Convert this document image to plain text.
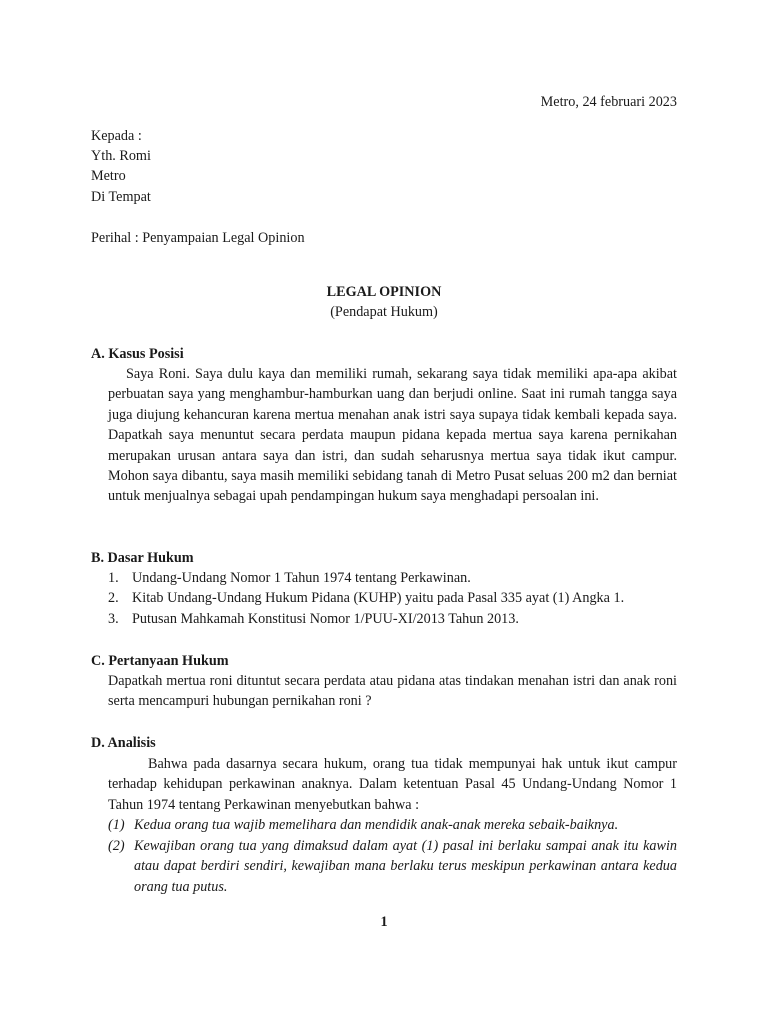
Metro, 24 februari 2023
Kepada :
Yth. Romi
Metro
Di Tempat
Perihal : Penyampaian Legal Opinion
LEGAL OPINION
(Pendapat Hukum)
A. Kasus Posisi

Saya Roni. Saya dulu kaya dan memiliki rumah, sekarang saya tidak memiliki apa-apa akibat perbuatan saya yang menghambur-hamburkan uang dan berjudi online. Saat ini rumah tangga saya juga diujung kehancuran karena mertua menahan anak istri saya supaya tidak kembali kepada saya. Dapatkah saya menuntut secara perdata maupun pidana kepada mertua saya karena pernikahan merupakan urusan antara saya dan istri, dan sudah seharusnya mertua saya tidak ikut campur. Mohon saya dibantu, saya masih memiliki sebidang tanah di Metro Pusat seluas 200 m2 dan berniat untuk menjualnya sebagai upah pendampingan hukum saya menghadapi persoalan ini.

B. Dasar Hukum
1. Undang-Undang Nomor 1 Tahun 1974 tentang Perkawinan.
2. Kitab Undang-Undang Hukum Pidana (KUHP) yaitu pada Pasal 335 ayat (1) Angka 1.
3. Putusan Mahkamah Konstitusi Nomor 1/PUU-XI/2013 Tahun 2013.
C. Pertanyaan Hukum

Dapatkah mertua roni dituntut secara perdata atau pidana atas tindakan menahan istri dan anak roni serta mencampuri hubungan pernikahan roni ?

D. Analisis

Bahwa pada dasarnya secara hukum, orang tua tidak mempunyai hak untuk ikut campur terhadap kehidupan perkawinan anaknya. Dalam ketentuan Pasal 45 Undang-Undang Nomor 1 Tahun 1974 tentang Perkawinan menyebutkan bahwa :

(1) Kedua orang tua wajib memelihara dan mendidik anak-anak mereka sebaik-baiknya.
(2) Kewajiban orang tua yang dimaksud dalam ayat (1) pasal ini berlaku sampai anak itu kawin atau dapat berdiri sendiri, kewajiban mana berlaku terus meskipun perkawinan antara kedua orang tua putus.
1
